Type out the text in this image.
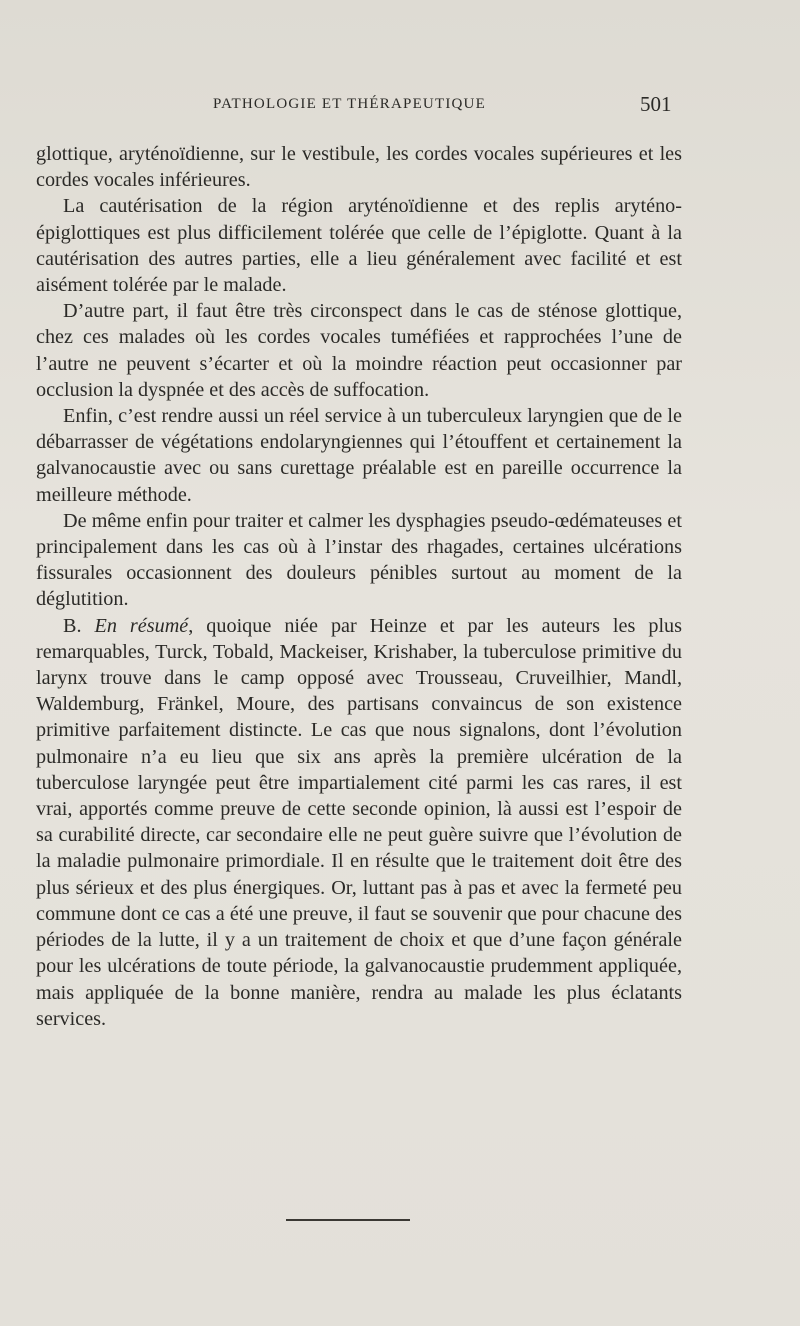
PATHOLOGIE ET THÉRAPEUTIQUE	501

glottique, aryténoïdienne, sur le vestibule, les cordes vocales supérieures et les cordes vocales inférieures.

La cautérisation de la région aryténoïdienne et des replis aryténo-épiglottiques est plus difficilement tolérée que celle de l’épiglotte. Quant à la cautérisation des autres parties, elle a lieu généralement avec facilité et est aisément tolérée par le malade.

D’autre part, il faut être très circonspect dans le cas de sténose glottique, chez ces malades où les cordes vocales tuméfiées et rapprochées l’une de l’autre ne peuvent s’écarter et où la moindre réaction peut occasionner par occlusion la dyspnée et des accès de suffocation.

Enfin, c’est rendre aussi un réel service à un tuberculeux laryngien que de le débarrasser de végétations endolaryngiennes qui l’étouffent et certainement la galvanocaustie avec ou sans curettage préalable est en pareille occurrence la meilleure méthode.

De même enfin pour traiter et calmer les dysphagies pseudo-œdémateuses et principalement dans les cas où à l’instar des rhagades, certaines ulcérations fissurales occasionnent des douleurs pénibles surtout au moment de la déglutition.

B. En résumé, quoique niée par Heinze et par les auteurs les plus remarquables, Turck, Tobald, Mackeiser, Krishaber, la tuberculose primitive du larynx trouve dans le camp opposé avec Trousseau, Cruveilhier, Mandl, Waldemburg, Fränkel, Moure, des partisans convaincus de son existence primitive parfaitement distincte. Le cas que nous signalons, dont l’évolution pulmonaire n’a eu lieu que six ans après la première ulcération de la tuberculose laryngée peut être impartialement cité parmi les cas rares, il est vrai, apportés comme preuve de cette seconde opinion, là aussi est l’espoir de sa curabilité directe, car secondaire elle ne peut guère suivre que l’évolution de la maladie pulmonaire primordiale. Il en résulte que le traitement doit être des plus sérieux et des plus énergiques. Or, luttant pas à pas et avec la fermeté peu commune dont ce cas a été une preuve, il faut se souvenir que pour chacune des périodes de la lutte, il y a un traitement de choix et que d’une façon générale pour les ulcérations de toute période, la galvanocaustie prudemment appliquée, mais appliquée de la bonne manière, rendra au malade les plus éclatants services.
